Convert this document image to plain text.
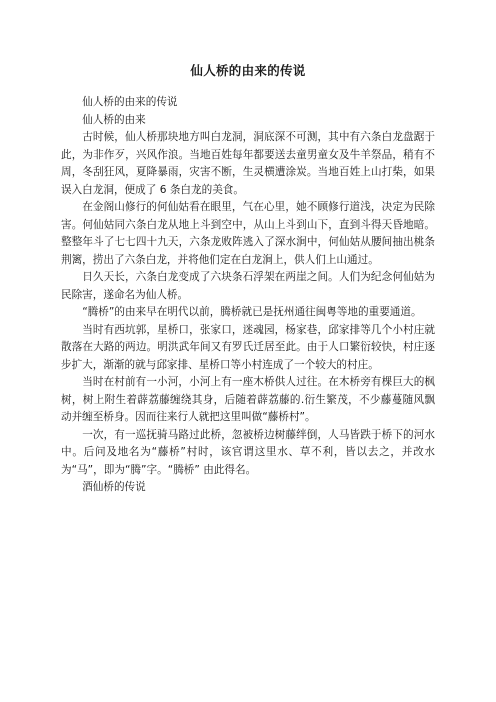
仙人桥的由来的传说

仙人桥的由来的传说

仙人桥的由来

古时候，仙人桥那块地方叫白龙洞，洞底深不可测，其中有六条白龙盘踞于此，为非作歹，兴风作浪。当地百姓每年都要送去童男童女及牛羊祭品，稍有不周，冬刮狂风，夏降暴雨，灾害不断，生灵横遭涂炭。当地百姓上山打柴，如果误入白龙洞，便成了 6 条白龙的美食。

在金阁山修行的何仙姑看在眼里，气在心里，她不顾修行道浅，决定为民除害。何仙姑同六条白龙从地上斗到空中，从山上斗到山下，直到斗得天昏地暗。整整年斗了七七四十九天，六条龙败阵逃入了深水涧中，何仙姑从腰间抽出桃条荆篱，捞出了六条白龙，并将他们定在白龙涧上，供人们上山通过。

日久天长，六条白龙变成了六块条石浮架在两崖之间。人们为纪念何仙姑为民除害，遂命名为仙人桥。

“腾桥”的由来早在明代以前，腾桥就已是抚州通往闽粤等地的重要通道。

当时有西坑郭，星桥口，张家口，迷魂园，杨家巷，邱家排等几个小村庄就散落在大路的两边。明洪武年间又有罗氏迁居至此。由于人口繁衍较快，村庄逐步扩大，渐渐的就与邱家排、星桥口等小村连成了一个较大的村庄。

当时在村前有一小河，小河上有一座木桥供人过往。在木桥旁有棵巨大的枫树，树上附生着薜荔藤缠绕其身，后随着薜荔藤的.衍生繁茂，不少藤蔓随风飘动并缠至桥身。因而往来行人就把这里叫做“藤桥村”。

一次，有一巡抚骑马路过此桥，忽被桥边树藤绊倒，人马皆跌于桥下的河水中。后问及地名为“藤桥”村时，该官谓这里水、草不利，皆以去之，并改水为“马”，即为“腾”字。“腾桥” 由此得名。

酒仙桥的传说
